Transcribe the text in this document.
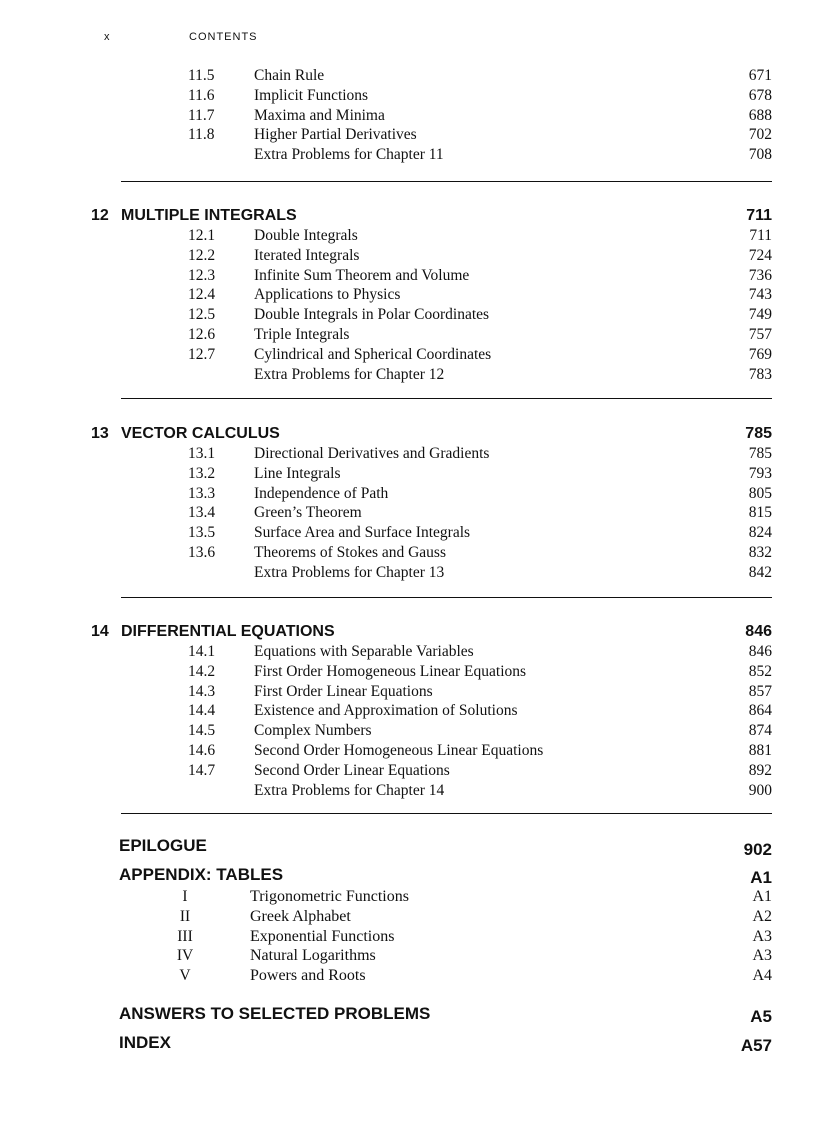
x	CONTENTS
11.5	Chain Rule	671
11.6	Implicit Functions	678
11.7	Maxima and Minima	688
11.8	Higher Partial Derivatives	702
Extra Problems for Chapter 11	708
12 MULTIPLE INTEGRALS	711
12.1	Double Integrals	711
12.2	Iterated Integrals	724
12.3	Infinite Sum Theorem and Volume	736
12.4	Applications to Physics	743
12.5	Double Integrals in Polar Coordinates	749
12.6	Triple Integrals	757
12.7	Cylindrical and Spherical Coordinates	769
Extra Problems for Chapter 12	783
13 VECTOR CALCULUS	785
13.1	Directional Derivatives and Gradients	785
13.2	Line Integrals	793
13.3	Independence of Path	805
13.4	Green’s Theorem	815
13.5	Surface Area and Surface Integrals	824
13.6	Theorems of Stokes and Gauss	832
Extra Problems for Chapter 13	842
14 DIFFERENTIAL EQUATIONS	846
14.1	Equations with Separable Variables	846
14.2	First Order Homogeneous Linear Equations	852
14.3	First Order Linear Equations	857
14.4	Existence and Approximation of Solutions	864
14.5	Complex Numbers	874
14.6	Second Order Homogeneous Linear Equations	881
14.7	Second Order Linear Equations	892
Extra Problems for Chapter 14	900
EPILOGUE	902
APPENDIX: TABLES	A1
I	Trigonometric Functions	A1
II	Greek Alphabet	A2
III	Exponential Functions	A3
IV	Natural Logarithms	A3
V	Powers and Roots	A4
ANSWERS TO SELECTED PROBLEMS	A5
INDEX	A57
